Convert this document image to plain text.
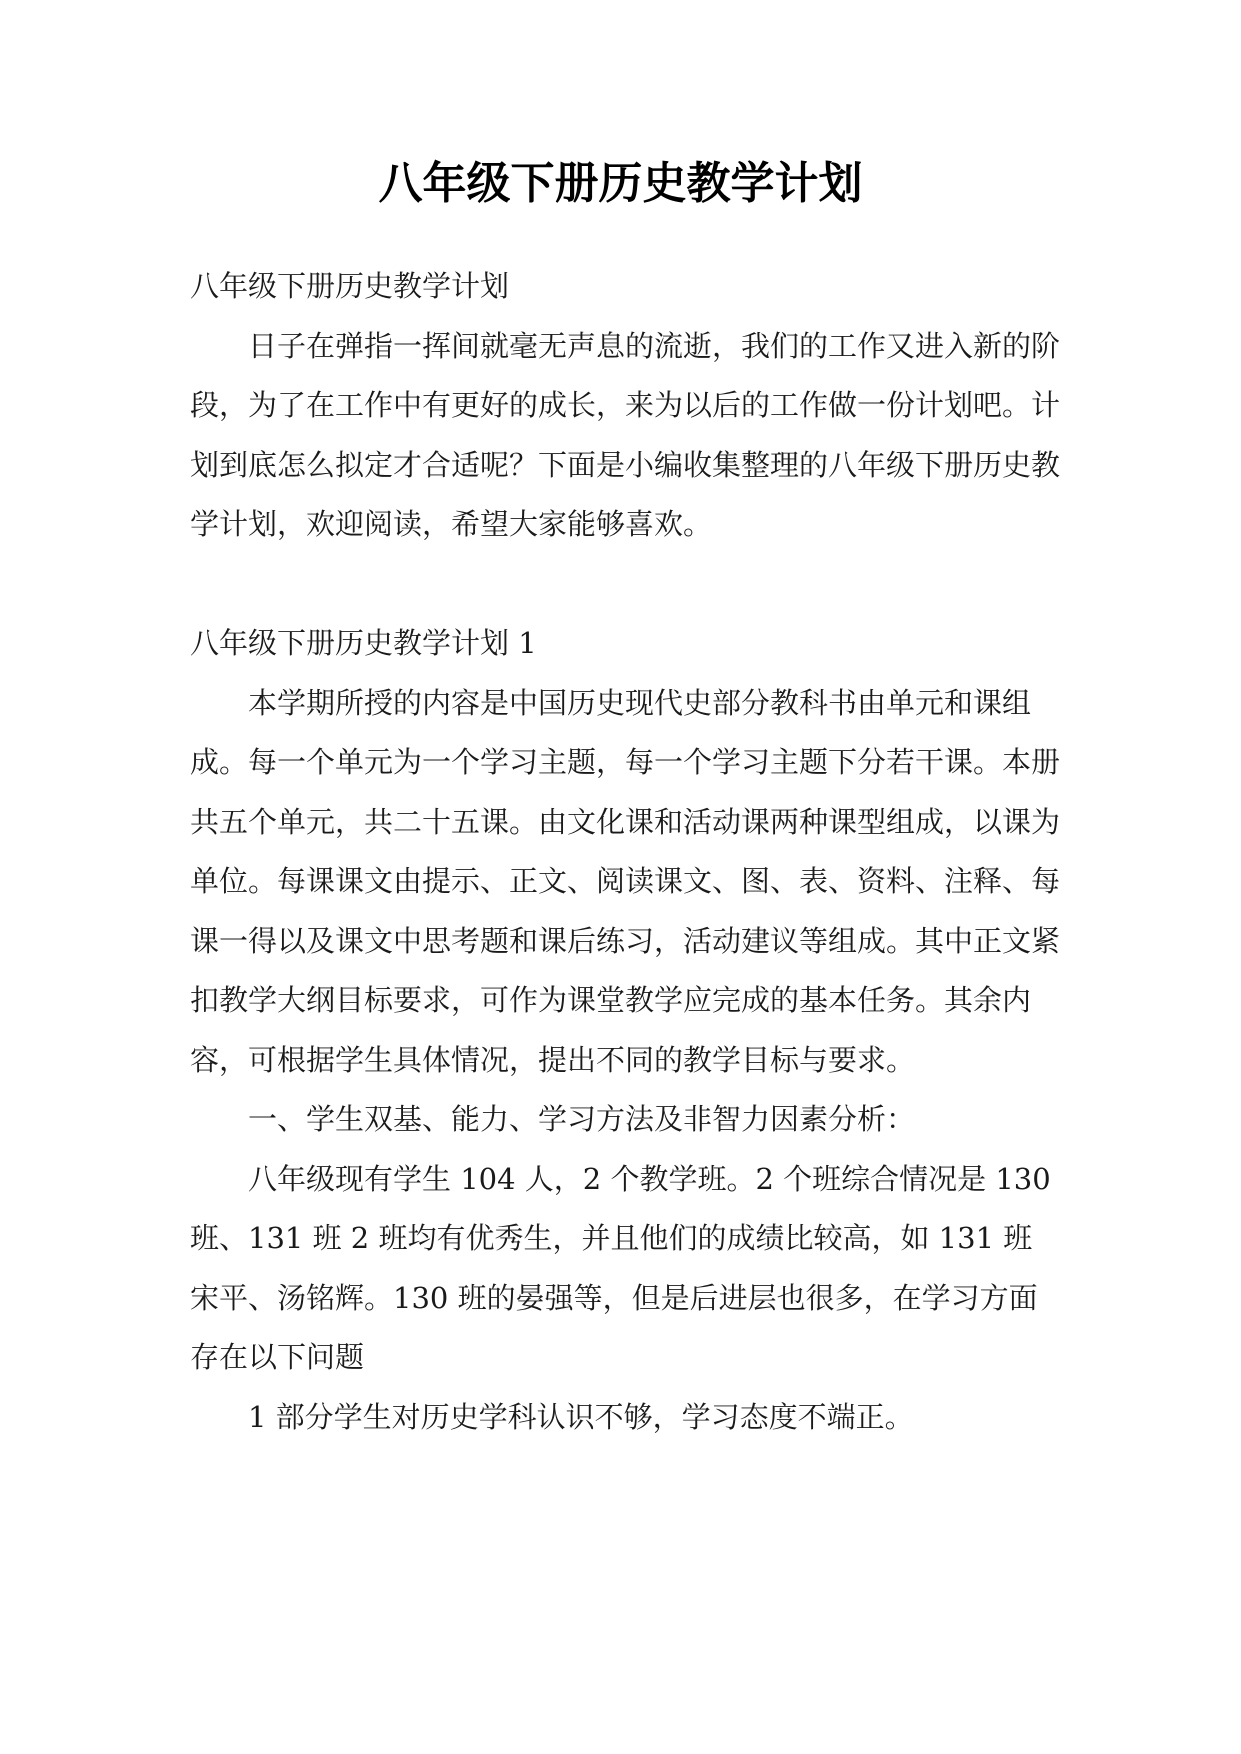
八年级下册历史教学计划

八年级下册历史教学计划

日子在弹指一挥间就毫无声息的流逝，我们的工作又进入新的阶段，为了在工作中有更好的成长，来为以后的工作做一份计划吧。计划到底怎么拟定才合适呢？下面是小编收集整理的八年级下册历史教学计划，欢迎阅读，希望大家能够喜欢。

八年级下册历史教学计划 1

本学期所授的内容是中国历史现代史部分教科书由单元和课组成。每一个单元为一个学习主题，每一个学习主题下分若干课。本册共五个单元，共二十五课。由文化课和活动课两种课型组成，以课为单位。每课课文由提示、正文、阅读课文、图、表、资料、注释、每课一得以及课文中思考题和课后练习，活动建议等组成。其中正文紧扣教学大纲目标要求，可作为课堂教学应完成的基本任务。其余内容，可根据学生具体情况，提出不同的教学目标与要求。

一、学生双基、能力、学习方法及非智力因素分析：

八年级现有学生 104 人，2 个教学班。2 个班综合情况是 130 班、131 班 2 班均有优秀生，并且他们的成绩比较高，如 131 班宋平、汤铭辉。130 班的晏强等，但是后进层也很多，在学习方面存在以下问题

1 部分学生对历史学科认识不够，学习态度不端正。
